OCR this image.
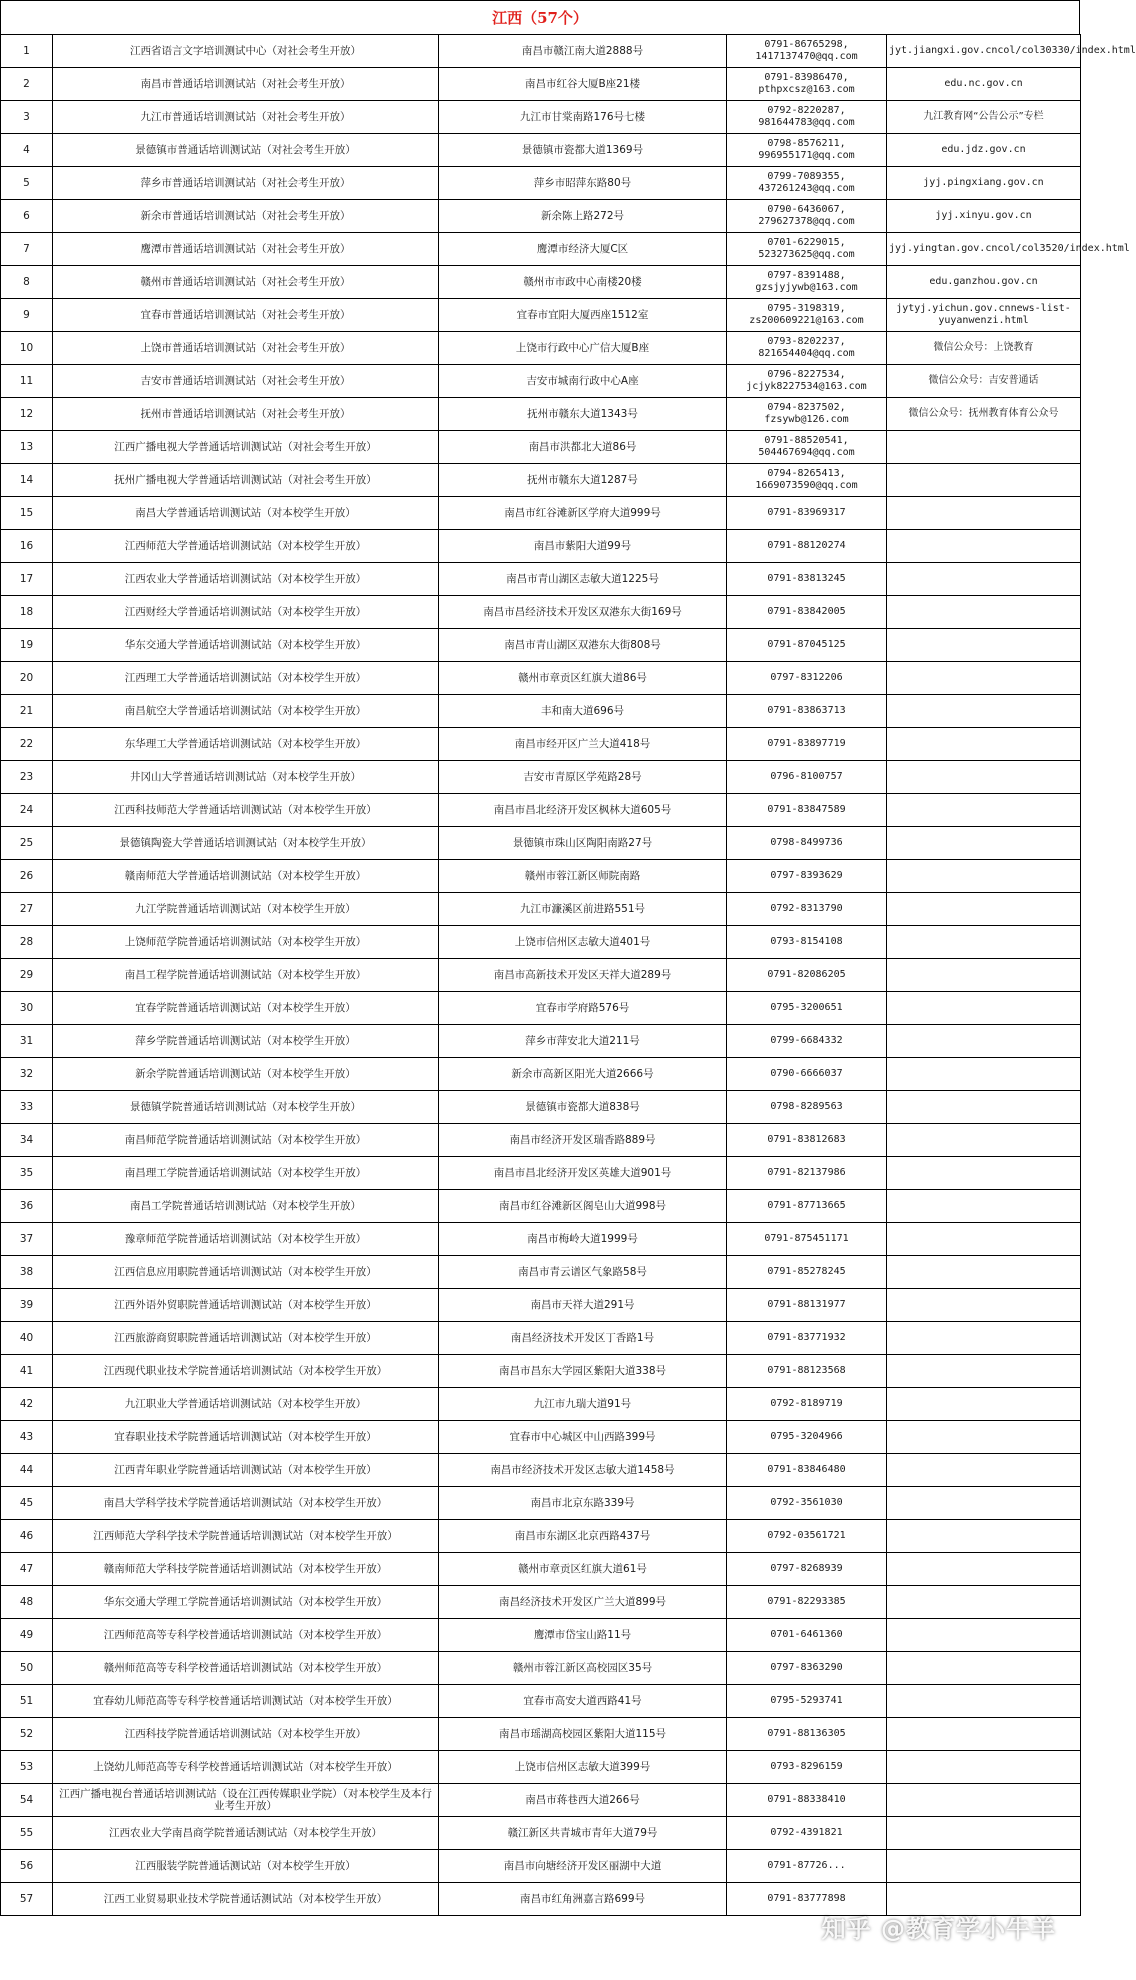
江西（57个）
1	江西省语言文字培训测试中心（对社会考生开放）	南昌市赣江南大道2888号	0791-86765298, 1417137470@qq.com	jyt.jiangxi.gov.cncol/col30330/index.html
2	南昌市普通话培训测试站（对社会考生开放）	南昌市红谷大厦B座21楼	0791-83986470, pthpxcsz@163.com	edu.nc.gov.cn
3	九江市普通话培训测试站（对社会考生开放）	九江市甘棠南路176号七楼	0792-8220287, 981644783@qq.com	九江教育网“公告公示”专栏
4	景德镇市普通话培训测试站（对社会考生开放）	景德镇市瓷都大道1369号	0798-8576211, 996955171@qq.com	edu.jdz.gov.cn
5	萍乡市普通话培训测试站（对社会考生开放）	萍乡市昭萍东路80号	0799-7089355, 437261243@qq.com	jyj.pingxiang.gov.cn
6	新余市普通话培训测试站（对社会考生开放）	新余陈上路272号	0790-6436067, 279627378@qq.com	jyj.xinyu.gov.cn
7	鹰潭市普通话培训测试站（对社会考生开放）	鹰潭市经济大厦C区	0701-6229015, 523273625@qq.com	jyj.yingtan.gov.cncol/col3520/index.html
8	赣州市普通话培训测试站（对社会考生开放）	赣州市市政中心南楼20楼	0797-8391488, gzsjyjywb@163.com	edu.ganzhou.gov.cn
9	宜春市普通话培训测试站（对社会考生开放）	宜春市宜阳大厦西座1512室	0795-3198319, zs200609221@163.com	jytyj.yichun.gov.cnnews-list-yuyanwenzi.html
10	上饶市普通话培训测试站（对社会考生开放）	上饶市行政中心广信大厦B座	0793-8202237, 821654404@qq.com	微信公众号：上饶教育
11	吉安市普通话培训测试站（对社会考生开放）	吉安市城南行政中心A座	0796-8227534, jcjyk8227534@163.com	微信公众号：吉安普通话
12	抚州市普通话培训测试站（对社会考生开放）	抚州市赣东大道1343号	0794-8237502, fzsywb@126.com	微信公众号：抚州教育体育公众号
13	江西广播电视大学普通话培训测试站（对社会考生开放）	南昌市洪都北大道86号	0791-88520541, 504467694@qq.com	
14	抚州广播电视大学普通话培训测试站（对社会考生开放）	抚州市赣东大道1287号	0794-8265413, 1669073590@qq.com	
15	南昌大学普通话培训测试站（对本校学生开放）	南昌市红谷滩新区学府大道999号	0791-83969317	
16	江西师范大学普通话培训测试站（对本校学生开放）	南昌市紫阳大道99号	0791-88120274	
17	江西农业大学普通话培训测试站（对本校学生开放）	南昌市青山湖区志敏大道1225号	0791-83813245	
18	江西财经大学普通话培训测试站（对本校学生开放）	南昌市昌经济技术开发区双港东大街169号	0791-83842005	
19	华东交通大学普通话培训测试站（对本校学生开放）	南昌市青山湖区双港东大街808号	0791-87045125	
20	江西理工大学普通话培训测试站（对本校学生开放）	赣州市章贡区红旗大道86号	0797-8312206	
21	南昌航空大学普通话培训测试站（对本校学生开放）	丰和南大道696号	0791-83863713	
22	东华理工大学普通话培训测试站（对本校学生开放）	南昌市经开区广兰大道418号	0791-83897719	
23	井冈山大学普通话培训测试站（对本校学生开放）	吉安市青原区学苑路28号	0796-8100757	
24	江西科技师范大学普通话培训测试站（对本校学生开放）	南昌市昌北经济开发区枫林大道605号	0791-83847589	
25	景德镇陶瓷大学普通话培训测试站（对本校学生开放）	景德镇市珠山区陶阳南路27号	0798-8499736	
26	赣南师范大学普通话培训测试站（对本校学生开放）	赣州市蓉江新区师院南路	0797-8393629	
27	九江学院普通话培训测试站（对本校学生开放）	九江市濂溪区前进路551号	0792-8313790	
28	上饶师范学院普通话培训测试站（对本校学生开放）	上饶市信州区志敏大道401号	0793-8154108	
29	南昌工程学院普通话培训测试站（对本校学生开放）	南昌市高新技术开发区天祥大道289号	0791-82086205	
30	宜春学院普通话培训测试站（对本校学生开放）	宜春市学府路576号	0795-3200651	
31	萍乡学院普通话培训测试站（对本校学生开放）	萍乡市萍安北大道211号	0799-6684332	
32	新余学院普通话培训测试站（对本校学生开放）	新余市高新区阳光大道2666号	0790-6666037	
33	景德镇学院普通话培训测试站（对本校学生开放）	景德镇市瓷都大道838号	0798-8289563	
34	南昌师范学院普通话培训测试站（对本校学生开放）	南昌市经济开发区瑞香路889号	0791-83812683	
35	南昌理工学院普通话培训测试站（对本校学生开放）	南昌市昌北经济开发区英雄大道901号	0791-82137986	
36	南昌工学院普通话培训测试站（对本校学生开放）	南昌市红谷滩新区阁皂山大道998号	0791-87713665	
37	豫章师范学院普通话培训测试站（对本校学生开放）	南昌市梅岭大道1999号	0791-875451171	
38	江西信息应用职院普通话培训测试站（对本校学生开放）	南昌市青云谱区气象路58号	0791-85278245	
39	江西外语外贸职院普通话培训测试站（对本校学生开放）	南昌市天祥大道291号	0791-88131977	
40	江西旅游商贸职院普通话培训测试站（对本校学生开放）	南昌经济技术开发区丁香路1号	0791-83771932	
41	江西现代职业技术学院普通话培训测试站（对本校学生开放）	南昌市昌东大学园区紫阳大道338号	0791-88123568	
42	九江职业大学普通话培训测试站（对本校学生开放）	九江市九瑞大道91号	0792-8189719	
43	宜春职业技术学院普通话培训测试站（对本校学生开放）	宜春市中心城区中山西路399号	0795-3204966	
44	江西青年职业学院普通话培训测试站（对本校学生开放）	南昌市经济技术开发区志敏大道1458号	0791-83846480	
45	南昌大学科学技术学院普通话培训测试站（对本校学生开放）	南昌市北京东路339号	0792-3561030	
46	江西师范大学科学技术学院普通话培训测试站（对本校学生开放）	南昌市东湖区北京西路437号	0792-03561721	
47	赣南师范大学科技学院普通话培训测试站（对本校学生开放）	赣州市章贡区红旗大道61号	0797-8268939	
48	华东交通大学理工学院普通话培训测试站（对本校学生开放）	南昌经济技术开发区广兰大道899号	0791-82293385	
49	江西师范高等专科学校普通话培训测试站（对本校学生开放）	鹰潭市岱宝山路11号	0701-6461360	
50	赣州师范高等专科学校普通话培训测试站（对本校学生开放）	赣州市蓉江新区高校园区35号	0797-8363290	
51	宜春幼儿师范高等专科学校普通话培训测试站（对本校学生开放）	宜春市高安大道西路41号	0795-5293741	
52	江西科技学院普通话培训测试站（对本校学生开放）	南昌市瑶湖高校园区紫阳大道115号	0791-88136305	
53	上饶幼儿师范高等专科学校普通话培训测试站（对本校学生开放）	上饶市信州区志敏大道399号	0793-8296159	
54	江西广播电视台普通话培训测试站（设在江西传媒职业学院）（对本校学生及本行业考生开放）	南昌市蒋巷西大道266号	0791-88338410	
55	江西农业大学南昌商学院普通话测试站（对本校学生开放）	赣江新区共青城市青年大道79号	0792-4391821	
56	江西服装学院普通话测试站（对本校学生开放）	南昌市向塘经济开发区丽湖中大道	0791-87726...	
57	江西工业贸易职业技术学院普通话测试站（对本校学生开放）	南昌市红角洲嘉言路699号	0791-83777898	
知乎 @教育学小牛羊
